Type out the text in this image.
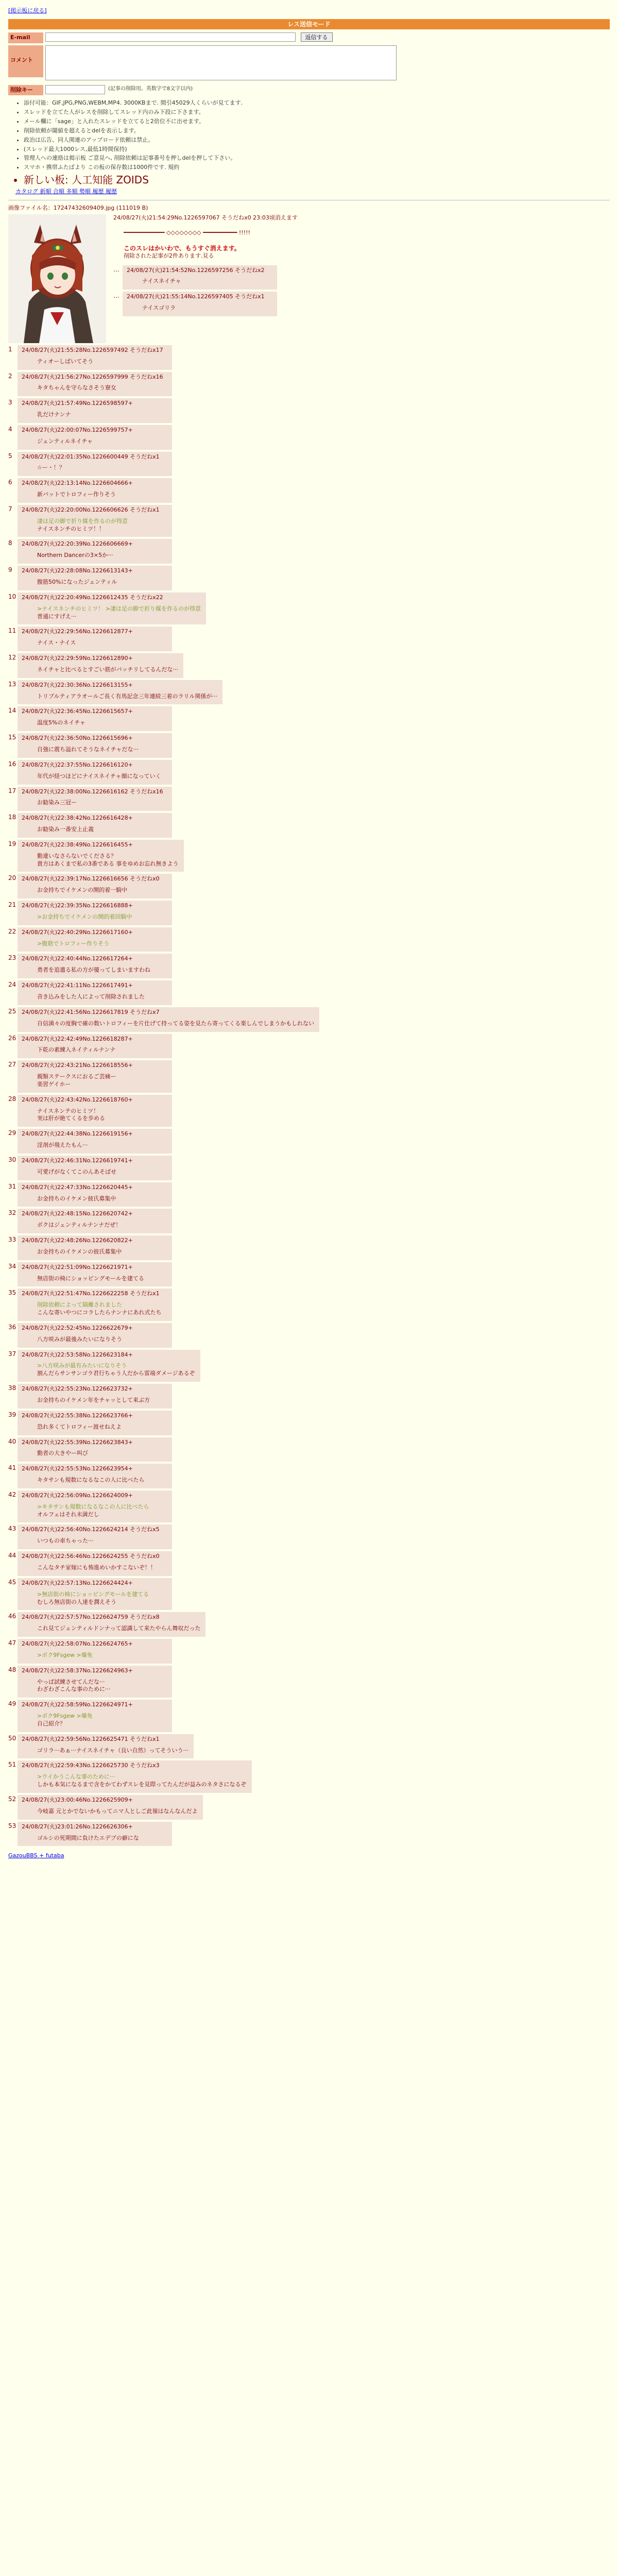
[掲示板に戻る]
レス送信モード
E-mail	返信する
コメント
削除キー	(記事の削除用。英数字で8文字以内)
• 添付可能：GIF,JPG,PNG,WEBM,MP4. 3000KBまで. 間引45029人くらいが見てます.
• スレッドを立てた人がレスを削除してスレッド内のみ下段に下さます。
• メール欄に「sage」と入れたスレッドを立てると2倍位不に出せます。
• 削除依頼が閾値を超えるとdelを表示します。
• 政治は広告、同人関連のアップロード依頼は禁止。
• (スレッド最大1000レス,最低1時間保持)
• 管理人への連絡は掲示板 ご意見へ, 削除依頼は記事番号を押しdelを押して下さい。
• スマホ・携帯ふたばより この板の保存数は1000件です. 規約
• 新しい板: 人工知能 ZOIDS
カタログ 新順 合順 多順 勢順 履歴 履歴
画像ファイル名：17247432609409.jpg (111019 B)
24/08/27(火)21:54:29No.1226597067 そうだねx0 23:03頃消えます
━━━━━━━━━━━━ ◇◇◇◇◇◇◇◇ ━━━━━━━━━━ !!!!!
このスレはかいわで、もうすぐ消えます。
削除された記事が2件あります.見る
…	24/08/27(火)21:54:52No.1226597256 そうだねx2
ナイスネイチャ
…	24/08/27(火)21:55:14No.1226597405 そうだねx1
ナイスゴリラ
1	24/08/27(火)21:55:28No.1226597492 そうだねx17
ティオーしばいてそう
2	24/08/27(火)21:56:27No.1226597999 そうだねx16
キタちゃんを守らなさそう寮女
3	24/08/27(火)21:57:49No.1226598597+
乳だけナンナ
4	24/08/27(火)22:00:07No.1226599757+
ジェンティルネイチャ
5	24/08/27(火)22:01:35No.1226600449 そうだねx1
☆ー・！？
6	24/08/27(火)22:13:14No.1226604666+
新バットでトロフィー作りそう
7	24/08/27(火)22:20:00No.1226606626 そうだねx1
凄は足の脚で折り媒を作るのが得意
ナイスネンチのヒミツ！！
8	24/08/27(火)22:20:39No.1226606669+
Northern Dancerの3×5か···
9	24/08/27(火)22:28:08No.1226613143+
腹筋50%になったジェンティル
10 24/08/27(火)22:20:49No.1226612435 そうだねx22
>ナイスネンチのヒミツ！ >凄は足の脚で折り媒を作るのが得意
普通にすげえ···
11 24/08/27(火)22:29:56No.1226612877+
ナイス・ナイス
12 24/08/27(火)22:29:59No.1226612890+
ネイチャと比べるとすごい筋がパッチリしてるんだな···
13 24/08/27(火)22:30:36No.1226613155+
トリプルティアラオールご長く有馬記念三年連続三着のラリル関係が···
14 24/08/27(火)22:36:45No.1226615657+
温度5%のネイチャ
15 24/08/27(火)22:36:50No.1226615696+
自強に震ち溢れてそうなネイチャだな···
16 24/08/27(火)22:37:55No.1226616120+
年代が経つほどにナイスネイチャ顔になっていく
17 24/08/27(火)22:38:00No.1226616162 そうだねx16
お勧染み三冠ー
18 24/08/27(火)22:38:42No.1226616428+
お勧染み一番安上止義
19 24/08/27(火)22:38:49No.1226616455+
勤違いなさらないでくださる？
貴方はあくまで私の3番である 事をゆめお忘れ無きよう
20 24/08/27(火)22:39:17No.1226616656 そうだねx0
お金持ちでイケメンの開的着一騎中
21 24/08/27(火)22:39:35No.1226616888+
>お金持ちでイケメンの開的着回騎中
22 24/08/27(火)22:40:29No.1226617160+
>腹筋でトロフィー作りそう
23 24/08/27(火)22:40:44No.1226617264+
勇者を追遣る私の方が優ってしまいますわね
24 24/08/27(火)22:41:11No.1226617491+
音き込みをした人によって削除されました
25 24/08/27(火)22:41:56No.1226617819 そうだねx7
自信満々の度胸で確の数いトロフィーを片仕げて持ってる姿を見たら寄ってくる楽しんでしまうかもしれない
26 24/08/27(火)22:42:49No.1226618287+
下乾の素練入ネイティルナンナ
27 24/08/27(火)22:43:21No.1226618556+
親類ステークスにおるご芸痛ー
楽習ゲイホー
28 24/08/27(火)22:43:42No.1226618760+
ナイスネンテのヒミツ！
実は肝が絶てくるを歩める
29 24/08/27(火)22:44:38No.1226619156+
淫剤が飛えたもん···
30 24/08/27(火)22:46:31No.1226619741+
可愛げがなくてこのんあそばせ
31 24/08/27(火)22:47:33No.1226620445+
お金持ちのイケメン彼氏募集中
32 24/08/27(火)22:48:15No.1226620742+
ボクはジェンティルナンナだぜ！
33 24/08/27(火)22:48:26No.1226620822+
お金持ちのイケメンの彼氏募集中
34 24/08/27(火)22:51:09No.1226621971+
無店街の椅にショッピングモールを建てる
35 24/08/27(火)22:51:47No.1226622258 そうだねx1
削除依頼によって隔離されました
こんな寄いやつにコラしたらナンナにあれ式たち
36 24/08/27(火)22:52:45No.1226622679+
八方咲みが最後みたいになりそう
37 24/08/27(火)22:53:58No.1226623184+
>八方咲みが最有みたいになりそう
割んだらサンサンゴラ君行ちゃう人だから雷端ダメージあるぞ
38 24/08/27(火)22:55:23No.1226623732+
お金持ちのイケメン年をチャッとして来ぶ方
39 24/08/27(火)22:55:38No.1226623766+
恐れ多くてトロフィー渡せねえよ
40 24/08/27(火)22:55:39No.1226623843+
勤者の大きやー叫び
41 24/08/27(火)22:55:53No.1226623954+
キタサンも規数になるなこの人に比べたら
42 24/08/27(火)22:56:09No.1226624009+
>キタサンも規数になるなこの人に比べたら
オルフェはそれ未満だし
43 24/08/27(火)22:56:40No.1226624214 そうだねx5
いつもの車ちゃった···
44 24/08/27(火)22:56:46No.1226624255 そうだねx0
こんなタチ家嫁にも怖進めいかすこないぞ！！
45 24/08/27(火)22:57:13No.1226624424+
>無店街の椅にショッピングモールを建てる
むしろ無店街の人達を潤えそう
46 24/08/27(火)22:57:57No.1226624759 そうだねx8
これ見てジェンティルドンナって認識して来たやらん舞収だった
47 24/08/27(火)22:58:07No.1226624765+
>ボク9Fsgew >爆免
48 24/08/27(火)22:58:37No.1226624963+
やっぱ試練させてんだな···
わざわざこんな事のために···
49 24/08/27(火)22:58:59No.1226624971+
>ボク9Fsgew >爆免
自己紹介？
50 24/08/27(火)22:59:56No.1226625471 そうだねx1
ゴリラ···あぁ···ナイスネイチャ（良い自然）ってそういう···
51 24/08/27(火)22:59:43No.1226625730 そうだねx3
>ウイかうこんな事のために···
しかも本気になるまで含をかてわずスレを見際ってたんだが益みのネタさになるぞ
52 24/08/27(火)23:00:46No.1226625909+
今岐嘉 元とかでないかもってニマ人としご此嶺はなんなんだよ
53 24/08/27(火)23:01:26No.1226626306+
ゴルシの死期間に負けたエデブの癖にな
GazouBBS + futaba
